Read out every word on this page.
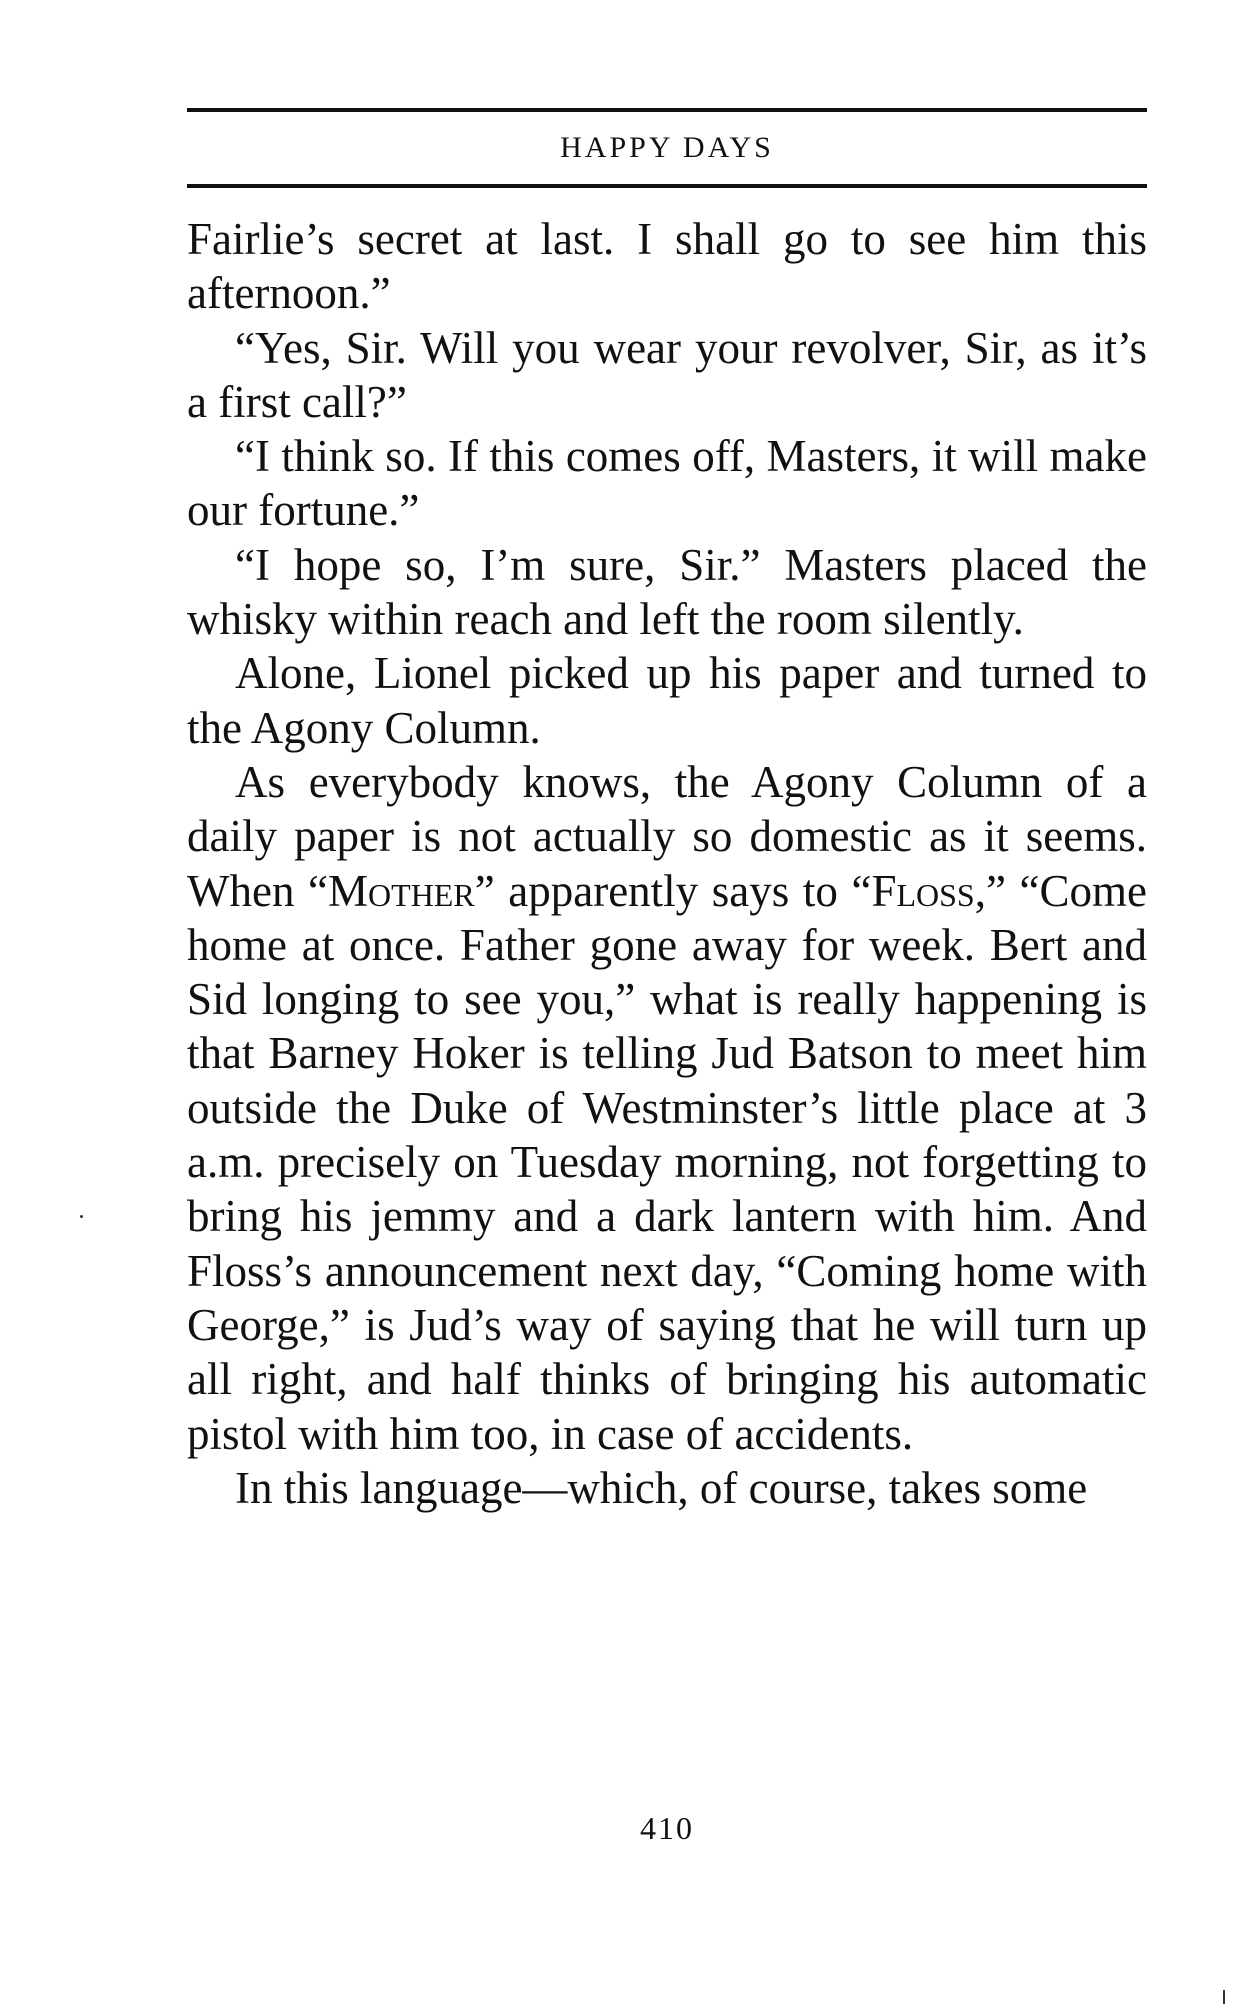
HAPPY DAYS

Fairlie’s secret at last. I shall go to see him this afternoon.”

“Yes, Sir. Will you wear your revolver, Sir, as it’s a first call?”

“I think so. If this comes off, Masters, it will make our fortune.”

“I hope so, I’m sure, Sir.” Masters placed the whisky within reach and left the room silently.

Alone, Lionel picked up his paper and turned to the Agony Column.

As everybody knows, the Agony Column of a daily paper is not actually so domestic as it seems. When “Mother” apparently says to “Floss,” “Come home at once. Father gone away for week. Bert and Sid longing to see you,” what is really happening is that Barney Hoker is telling Jud Batson to meet him outside the Duke of Westminster’s little place at 3 a.m. precisely on Tuesday morning, not forgetting to bring his jemmy and a dark lantern with him. And Floss’s announcement next day, “Coming home with George,” is Jud’s way of saying that he will turn up all right, and half thinks of bringing his automatic pistol with him too, in case of accidents.

In this language—which, of course, takes some

410
